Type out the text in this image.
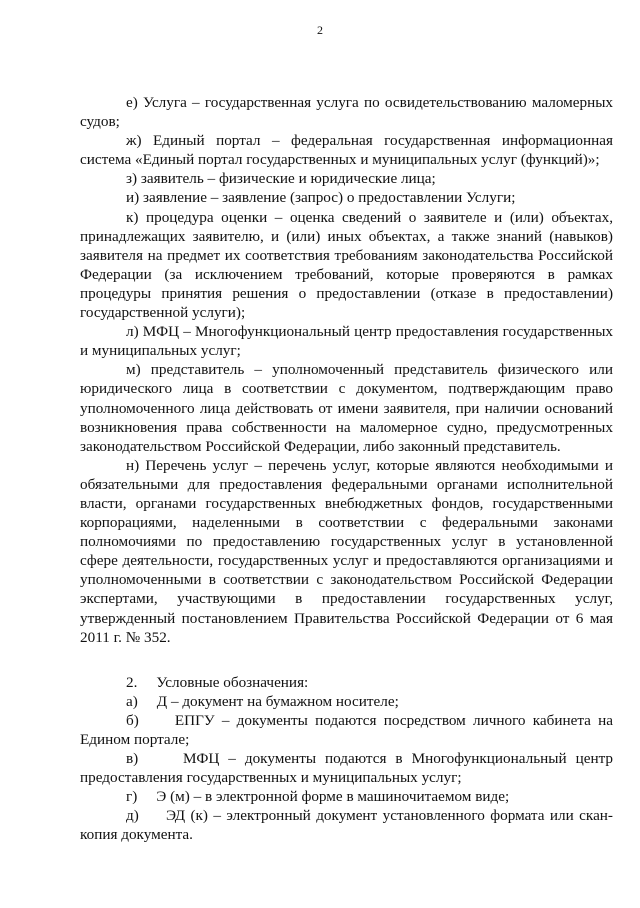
2

е) Услуга – государственная услуга по освидетельствованию маломерных судов;

ж) Единый портал – федеральная государственная информационная система «Единый портал государственных и муниципальных услуг (функций)»;

з) заявитель – физические и юридические лица;

и) заявление – заявление (запрос) о предоставлении Услуги;

к) процедура оценки – оценка сведений о заявителе и (или) объектах, принадлежащих заявителю, и (или) иных объектах, а также знаний (навыков) заявителя на предмет их соответствия требованиям законодательства Российской Федерации (за исключением требований, которые проверяются в рамках процедуры принятия решения о предоставлении (отказе в предоставлении) государственной услуги);

л) МФЦ – Многофункциональный центр предоставления государственных и муниципальных услуг;

м) представитель – уполномоченный представитель физического или юридического лица в соответствии с документом, подтверждающим право уполномоченного лица действовать от имени заявителя, при наличии оснований возникновения права собственности на маломерное судно, предусмотренных законодательством Российской Федерации, либо законный представитель.

н) Перечень услуг – перечень услуг, которые являются необходимыми и обязательными для предоставления федеральными органами исполнительной власти, органами государственных внебюджетных фондов, государственными корпорациями, наделенными в соответствии с федеральными законами полномочиями по предоставлению государственных услуг в установленной сфере деятельности, государственных услуг и предоставляются организациями и уполномоченными в соответствии с законодательством Российской Федерации экспертами, участвующими в предоставлении государственных услуг, утвержденный постановлением Правительства Российской Федерации от 6 мая 2011 г. № 352.

2.     Условные обозначения:

а)     Д – документ на бумажном носителе;

б)     ЕПГУ – документы подаются посредством личного кабинета на Едином портале;

в)     МФЦ – документы подаются в Многофункциональный центр предоставления государственных и муниципальных услуг;

г)     Э (м) – в электронной форме в машиночитаемом виде;

д)     ЭД (к) – электронный документ установленного формата или скан-копия документа.
